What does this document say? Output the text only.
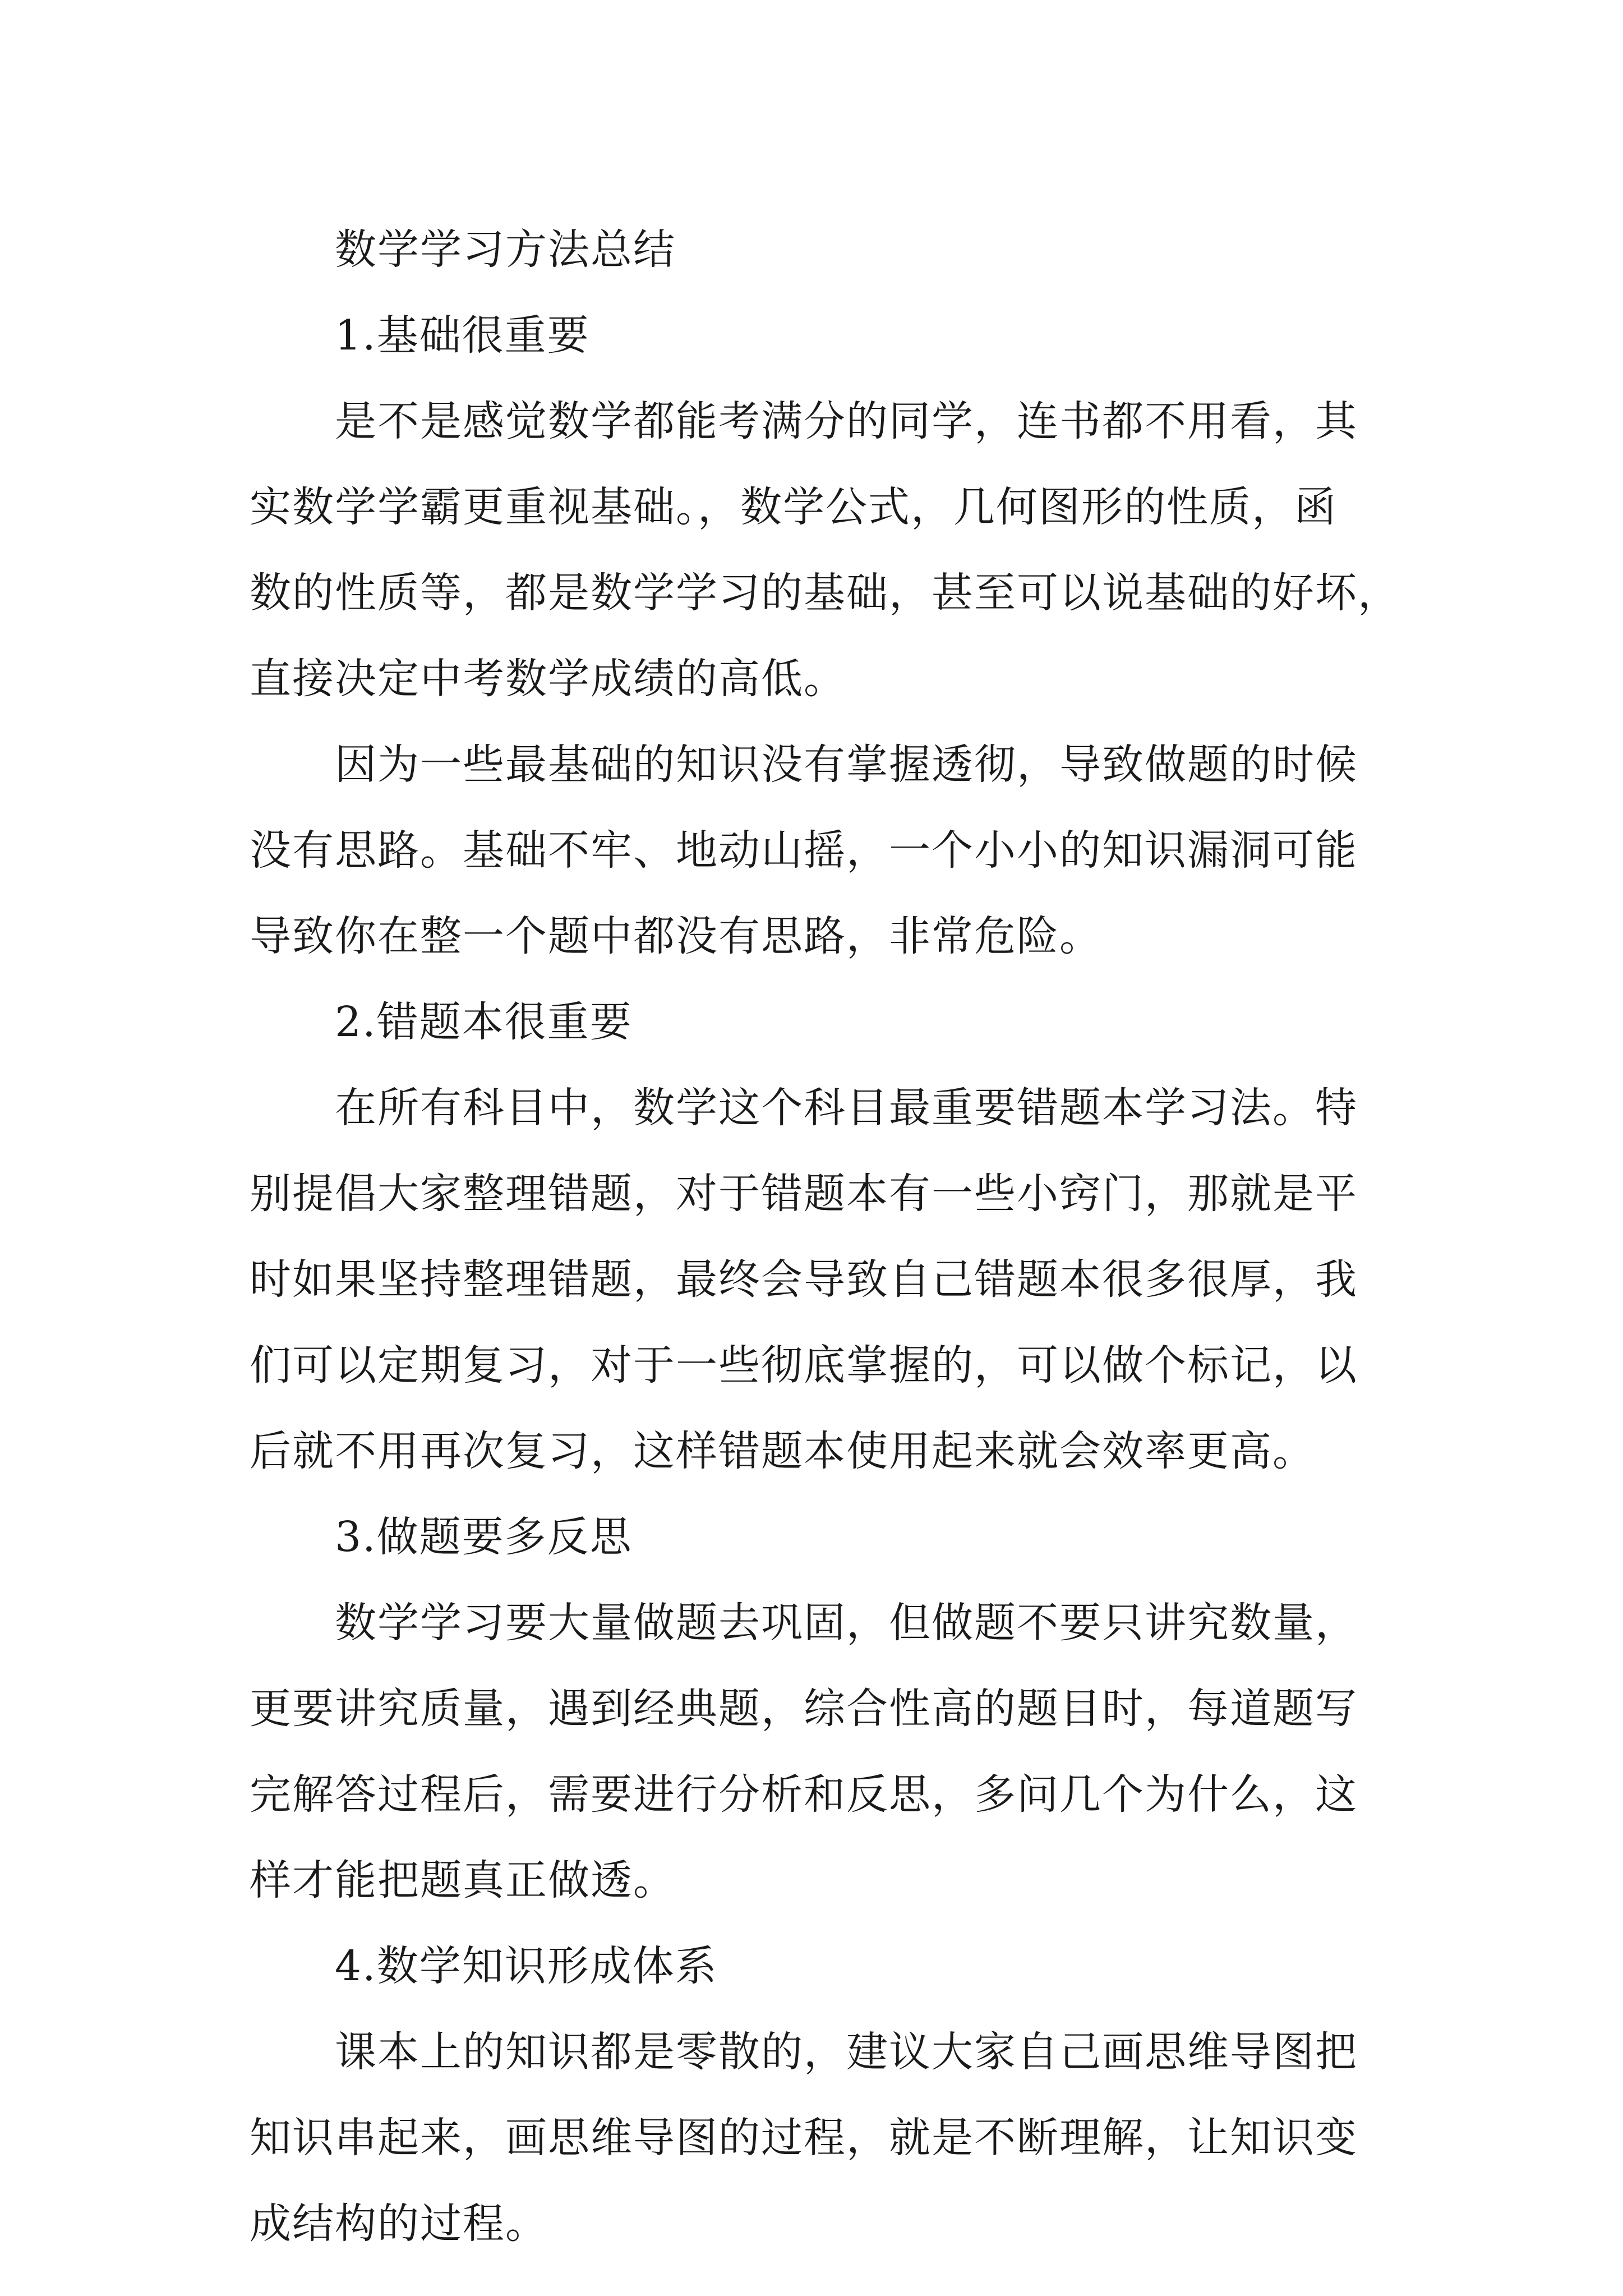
数学学习方法总结
1.基础很重要
是不是感觉数学都能考满分的同学，连书都不用看，其
实数学学霸更重视基础。，数学公式，几何图形的性质，函
数的性质等，都是数学学习的基础，甚至可以说基础的好坏，
直接决定中考数学成绩的高低。
因为一些最基础的知识没有掌握透彻，导致做题的时候
没有思路。基础不牢、地动山摇，一个小小的知识漏洞可能
导致你在整一个题中都没有思路，非常危险。
2.错题本很重要
在所有科目中，数学这个科目最重要错题本学习法。特
别提倡大家整理错题，对于错题本有一些小窍门，那就是平
时如果坚持整理错题，最终会导致自己错题本很多很厚，我
们可以定期复习，对于一些彻底掌握的，可以做个标记，以
后就不用再次复习，这样错题本使用起来就会效率更高。
3.做题要多反思
数学学习要大量做题去巩固，但做题不要只讲究数量，
更要讲究质量，遇到经典题，综合性高的题目时，每道题写
完解答过程后，需要进行分析和反思，多问几个为什么，这
样才能把题真正做透。
4.数学知识形成体系
课本上的知识都是零散的，建议大家自己画思维导图把
知识串起来，画思维导图的过程，就是不断理解，让知识变
成结构的过程。
